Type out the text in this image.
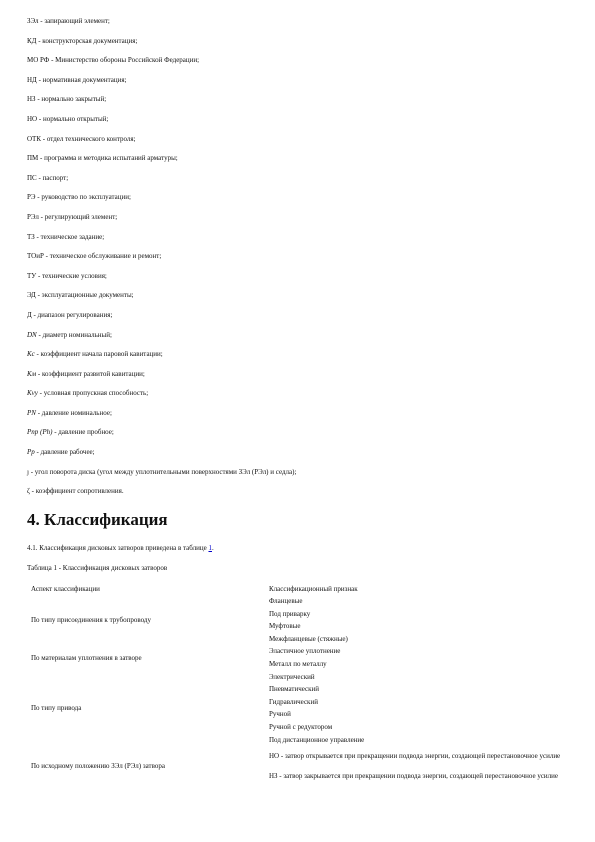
ЗЭл - запирающий элемент;
КД - конструкторская документация;
МО РФ - Министерство обороны Российской Федерации;
НД - нормативная документация;
НЗ - нормально закрытый;
НО - нормально открытый;
ОТК - отдел технического контроля;
ПМ - программа и методика испытаний арматуры;
ПС - паспорт;
РЭ - руководство по эксплуатации;
РЭл - регулирующий элемент;
ТЗ - техническое задание;
ТОиР - техническое обслуживание и ремонт;
ТУ - технические условия;
ЭД - эксплуатационные документы;
Д - диапазон регулирования;
DN - диаметр номинальный;
Kc - коэффициент начала паровой кавитации;
Kм - коэффициент развитой кавитации;
Kvу - условная пропускная способность;
PN - давление номинальное;
Pпр (Рh) - давление пробное;
Pр - давление рабочее;
ȷ - угол поворота диска (угол между уплотнительными поверхностями ЗЭл (РЭл) и седла);
ζ - коэффициент сопротивления.
4. Классификация
4.1. Классификация дисковых затворов приведена в таблице 1.
Таблица 1 - Классификация дисковых затворов
Аспект классификации	Классификационный признак
По типу присоединения к трубопроводу	Фланцевые
	Под приварку
	Муфтовые
	Межфланцевые (стяжные)
По материалам уплотнения в затворе	Эластичное уплотнение
	Металл по металлу
По типу привода	Электрический
	Пневматический
	Гидравлический
	Ручной
	Ручной с редуктором
	Под дистанционное управление
По исходному положению ЗЭл (РЭл) затвора	НО - затвор открывается при прекращении подвода энергии, создающей перестановочное усилие
	НЗ - затвор закрывается при прекращении подвода энергии, создающей перестановочное усилие
